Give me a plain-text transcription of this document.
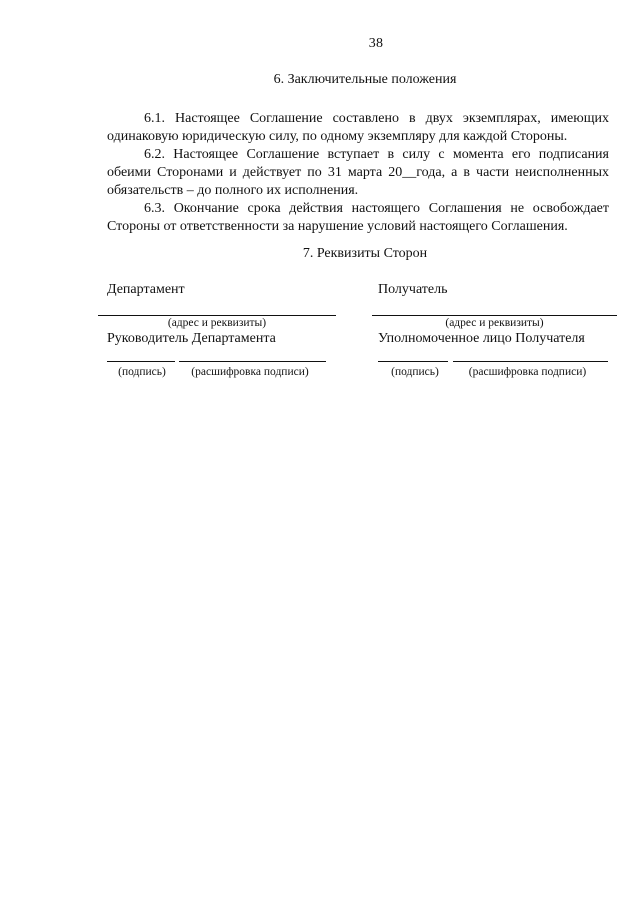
38
6. Заключительные положения

6.1. Настоящее Соглашение составлено в двух экземплярах, имеющих одинаковую юридическую силу, по одному экземпляру для каждой Стороны.

6.2. Настоящее Соглашение вступает в силу с момента его подписания обеими Сторонами и действует по 31 марта 20__года, а в части неисполненных обязательств – до полного их исполнения.

6.3. Окончание срока действия настоящего Соглашения не освобождает Стороны от ответственности за нарушение условий настоящего Соглашения.

7. Реквизиты Сторон
Департамент
(адрес и реквизиты)
Руководитель Департамента
(подпись)	(расшифровка подписи)
Получатель
(адрес и реквизиты)
Уполномоченное лицо Получателя
(подпись)	(расшифровка подписи)
